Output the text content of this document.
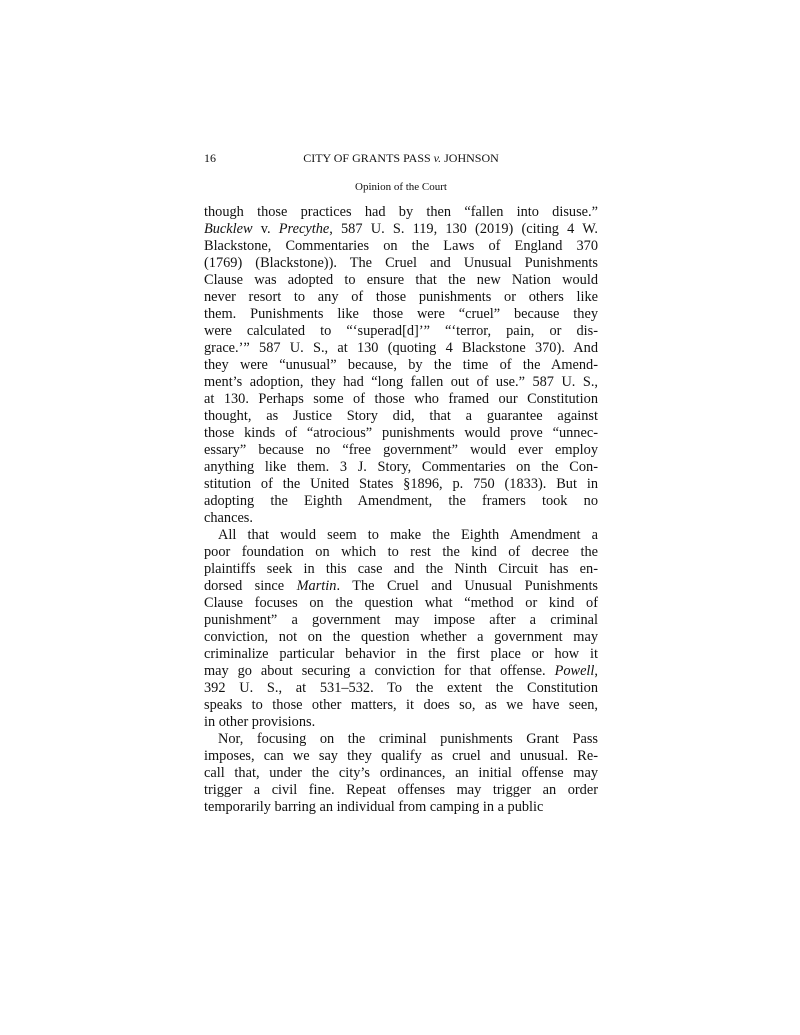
16	CITY OF GRANTS PASS v. JOHNSON
Opinion of the Court

though those practices had by then “fallen into disuse.”
Bucklew v. Precythe, 587 U. S. 119, 130 (2019) (citing 4 W.
Blackstone, Commentaries on the Laws of England 370
(1769) (Blackstone)). The Cruel and Unusual Punishments
Clause was adopted to ensure that the new Nation would
never resort to any of those punishments or others like
them. Punishments like those were “cruel” because they
were calculated to “‘superad[d]’” “‘terror, pain, or dis-
grace.’” 587 U. S., at 130 (quoting 4 Blackstone 370). And
they were “unusual” because, by the time of the Amend-
ment’s adoption, they had “long fallen out of use.” 587 U. S.,
at 130. Perhaps some of those who framed our Constitution
thought, as Justice Story did, that a guarantee against
those kinds of “atrocious” punishments would prove “unnec-
essary” because no “free government” would ever employ
anything like them. 3 J. Story, Commentaries on the Con-
stitution of the United States §1896, p. 750 (1833). But in
adopting the Eighth Amendment, the framers took no
chances.

All that would seem to make the Eighth Amendment a
poor foundation on which to rest the kind of decree the
plaintiffs seek in this case and the Ninth Circuit has en-
dorsed since Martin. The Cruel and Unusual Punishments
Clause focuses on the question what “method or kind of
punishment” a government may impose after a criminal
conviction, not on the question whether a government may
criminalize particular behavior in the first place or how it
may go about securing a conviction for that offense. Powell,
392 U. S., at 531–532. To the extent the Constitution
speaks to those other matters, it does so, as we have seen,
in other provisions.

Nor, focusing on the criminal punishments Grant Pass
imposes, can we say they qualify as cruel and unusual. Re-
call that, under the city’s ordinances, an initial offense may
trigger a civil fine. Repeat offenses may trigger an order
temporarily barring an individual from camping in a public
